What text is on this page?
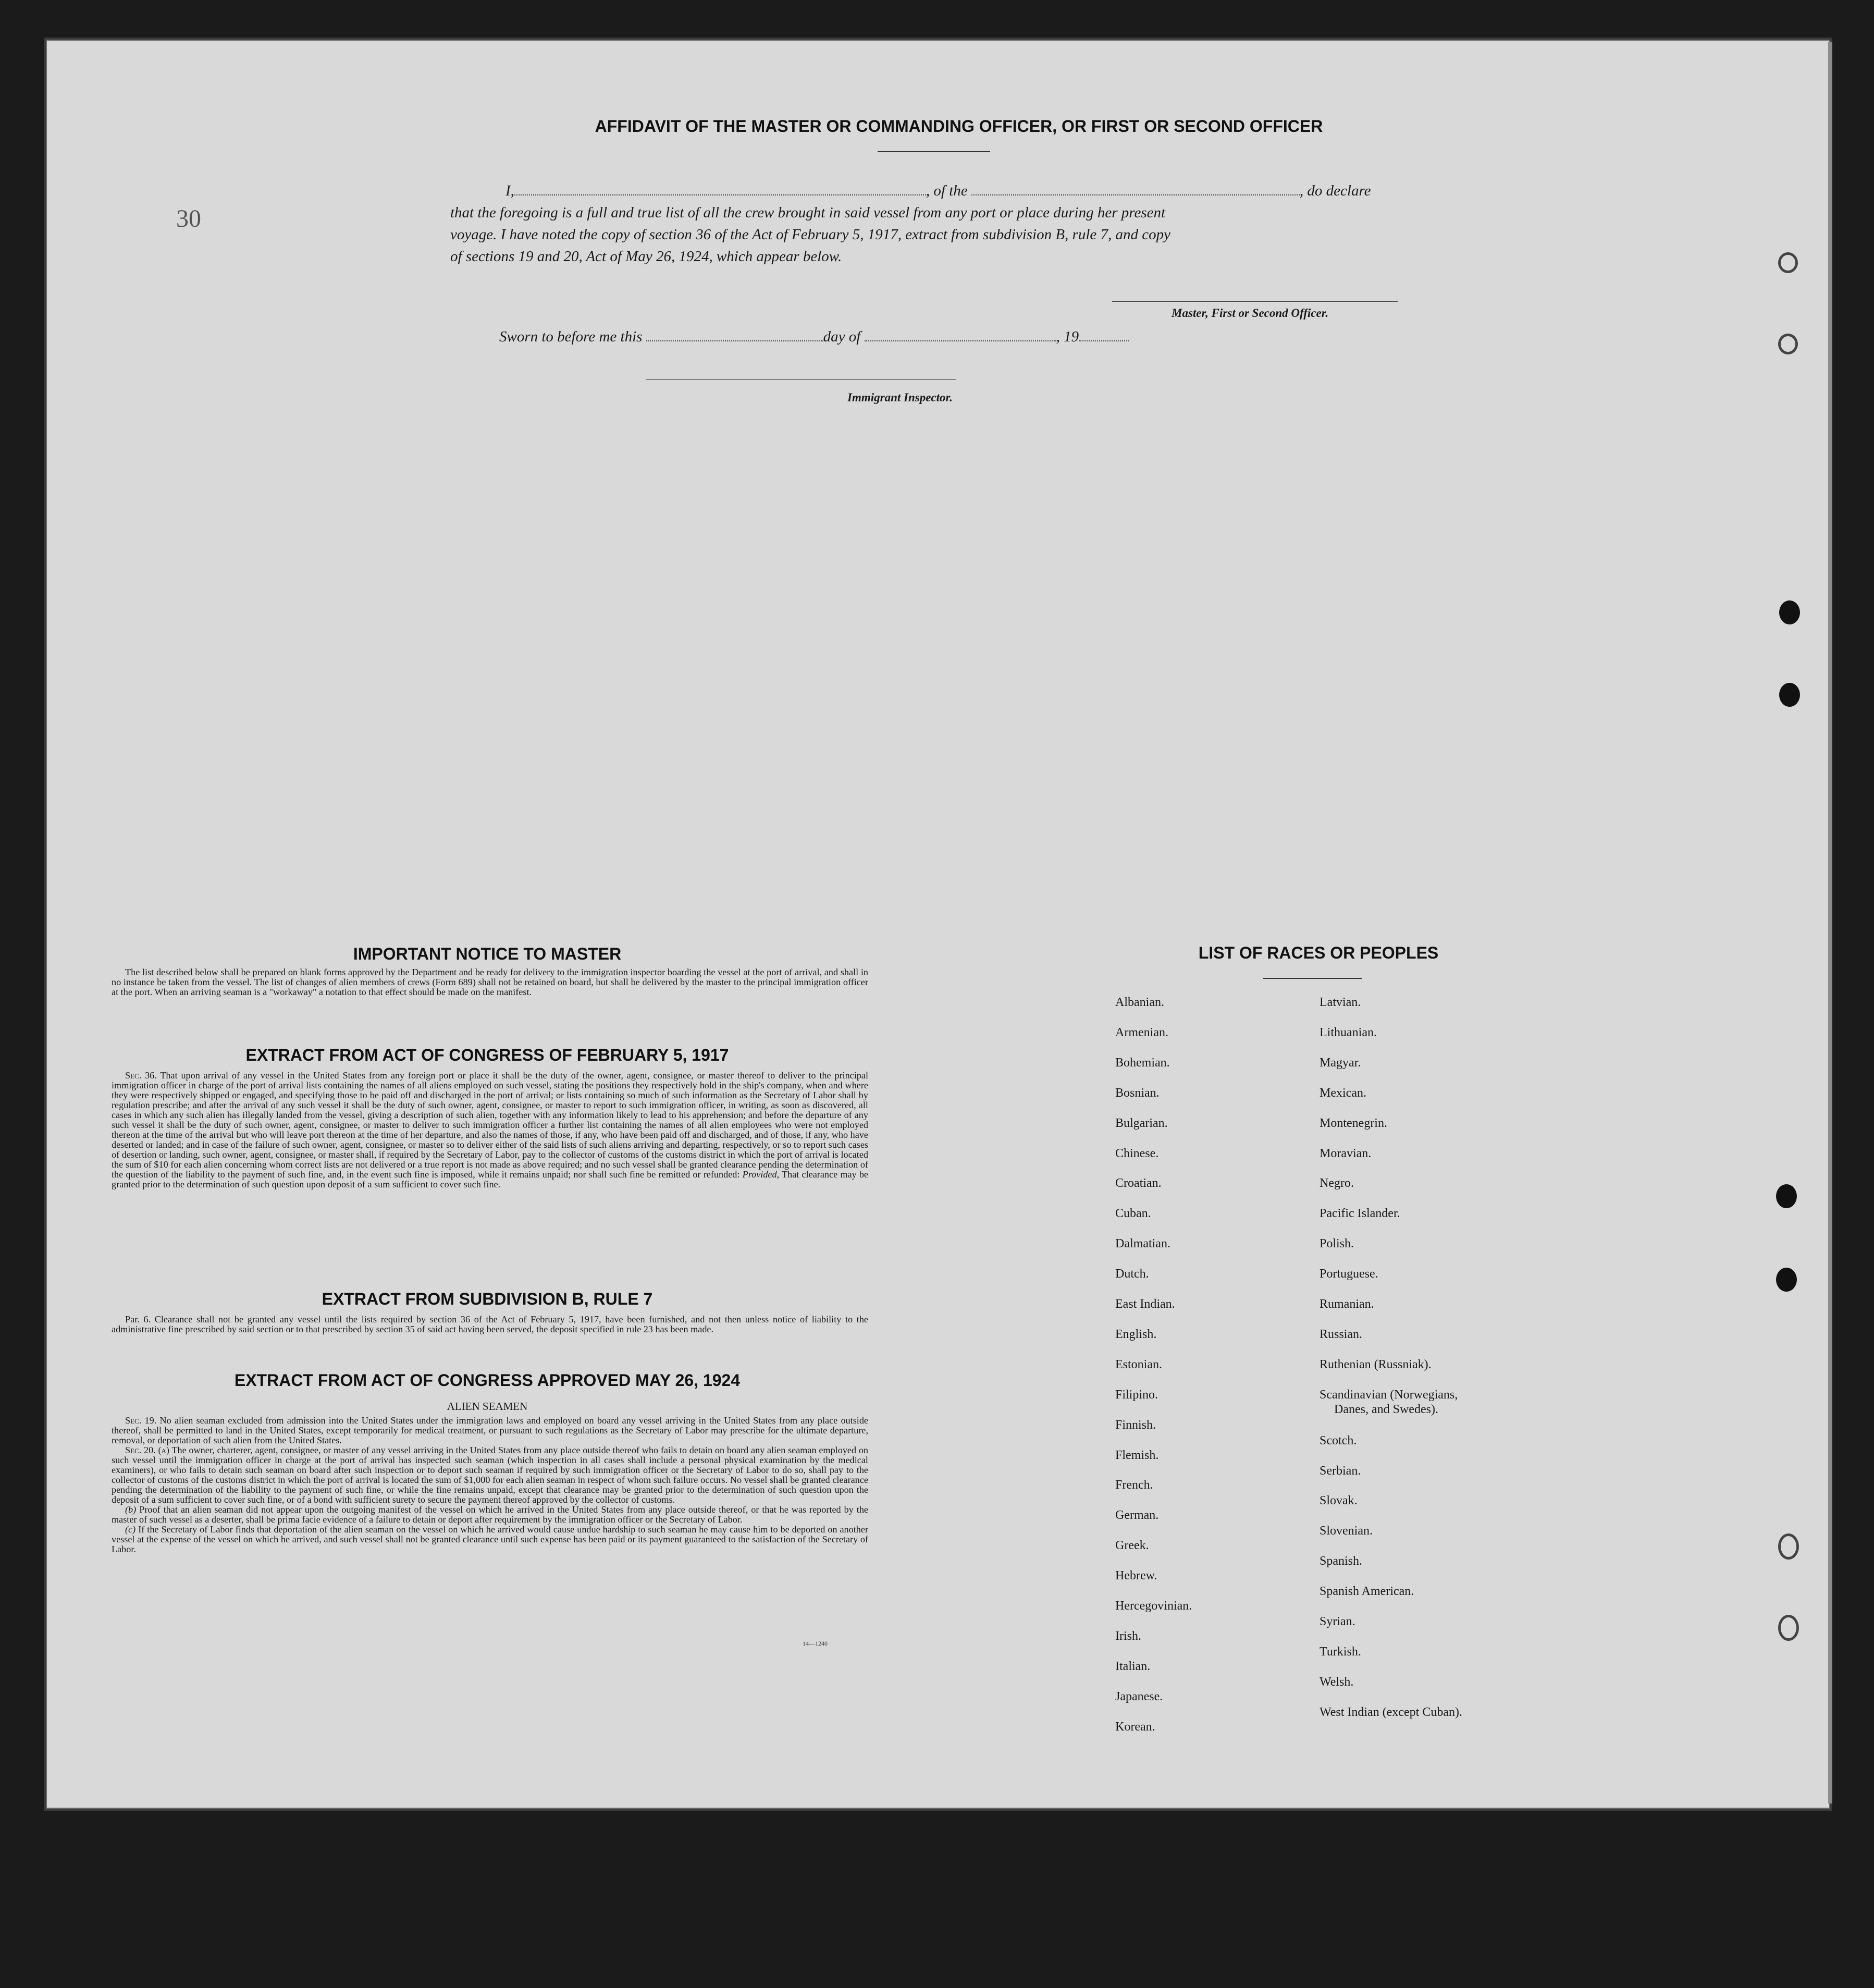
30
AFFIDAVIT OF THE MASTER OR COMMANDING OFFICER, OR FIRST OR SECOND OFFICER
I,	, of the	, do declare
that the foregoing is a full and true list of all the crew brought in said vessel from any port or place during her present
voyage. I have noted the copy of section 36 of the Act of February 5, 1917, extract from subdivision B, rule 7, and copy
of sections 19 and 20, Act of May 26, 1924, which appear below.
Master, First or Second Officer.
Sworn to before me this	day of	, 19
Immigrant Inspector.
IMPORTANT NOTICE TO MASTER

The list described below shall be prepared on blank forms approved by the Department and be ready for delivery to the immigration inspector boarding the vessel at the port of arrival, and shall in no instance be taken from the vessel. The list of changes of alien members of crews (Form 689) shall not be retained on board, but shall be delivered by the master to the principal immigration officer at the port. When an arriving seaman is a "workaway" a notation to that effect should be made on the manifest.

EXTRACT FROM ACT OF CONGRESS OF FEBRUARY 5, 1917

Sec. 36. That upon arrival of any vessel in the United States from any foreign port or place it shall be the duty of the owner, agent, consignee, or master thereof to deliver to the principal immigration officer in charge of the port of arrival lists containing the names of all aliens employed on such vessel, stating the positions they respectively hold in the ship's company, when and where they were respectively shipped or engaged, and specifying those to be paid off and discharged in the port of arrival; or lists containing so much of such information as the Secretary of Labor shall by regulation prescribe; and after the arrival of any such vessel it shall be the duty of such owner, agent, consignee, or master to report to such immigration officer, in writing, as soon as discovered, all cases in which any such alien has illegally landed from the vessel, giving a description of such alien, together with any information likely to lead to his apprehension; and before the departure of any such vessel it shall be the duty of such owner, agent, consignee, or master to deliver to such immigration officer a further list containing the names of all alien employees who were not employed thereon at the time of the arrival but who will leave port thereon at the time of her departure, and also the names of those, if any, who have been paid off and discharged, and of those, if any, who have deserted or landed; and in case of the failure of such owner, agent, consignee, or master so to deliver either of the said lists of such aliens arriving and departing, respectively, or so to report such cases of desertion or landing, such owner, agent, consignee, or master shall, if required by the Secretary of Labor, pay to the collector of customs of the customs district in which the port of arrival is located the sum of $10 for each alien concerning whom correct lists are not delivered or a true report is not made as above required; and no such vessel shall be granted clearance pending the determination of the question of the liability to the payment of such fine, and, in the event such fine is imposed, while it remains unpaid; nor shall such fine be remitted or refunded: Provided, That clearance may be granted prior to the determination of such question upon deposit of a sum sufficient to cover such fine.

EXTRACT FROM SUBDIVISION B, RULE 7

Par. 6. Clearance shall not be granted any vessel until the lists required by section 36 of the Act of February 5, 1917, have been furnished, and not then unless notice of liability to the administrative fine prescribed by said section or to that prescribed by section 35 of said act having been served, the deposit specified in rule 23 has been made.

EXTRACT FROM ACT OF CONGRESS APPROVED MAY 26, 1924
ALIEN SEAMEN

Sec. 19. No alien seaman excluded from admission into the United States under the immigration laws and employed on board any vessel arriving in the United States from any place outside thereof, shall be permitted to land in the United States, except temporarily for medical treatment, or pursuant to such regulations as the Secretary of Labor may prescribe for the ultimate departure, removal, or deportation of such alien from the United States.

Sec. 20. (a) The owner, charterer, agent, consignee, or master of any vessel arriving in the United States from any place outside thereof who fails to detain on board any alien seaman employed on such vessel until the immigration officer in charge at the port of arrival has inspected such seaman (which inspection in all cases shall include a personal physical examination by the medical examiners), or who fails to detain such seaman on board after such inspection or to deport such seaman if required by such immigration officer or the Secretary of Labor to do so, shall pay to the collector of customs of the customs district in which the port of arrival is located the sum of $1,000 for each alien seaman in respect of whom such failure occurs. No vessel shall be granted clearance pending the determination of the liability to the payment of such fine, or while the fine remains unpaid, except that clearance may be granted prior to the determination of such question upon the deposit of a sum sufficient to cover such fine, or of a bond with sufficient surety to secure the payment thereof approved by the collector of customs.

(b) Proof that an alien seaman did not appear upon the outgoing manifest of the vessel on which he arrived in the United States from any place outside thereof, or that he was reported by the master of such vessel as a deserter, shall be prima facie evidence of a failure to detain or deport after requirement by the immigration officer or the Secretary of Labor.

(c) If the Secretary of Labor finds that deportation of the alien seaman on the vessel on which he arrived would cause undue hardship to such seaman he may cause him to be deported on another vessel at the expense of the vessel on which he arrived, and such vessel shall not be granted clearance until such expense has been paid or its payment guaranteed to the satisfaction of the Secretary of Labor.

14—1240
LIST OF RACES OR PEOPLES
Albanian.
Armenian.
Bohemian.
Bosnian.
Bulgarian.
Chinese.
Croatian.
Cuban.
Dalmatian.
Dutch.
East Indian.
English.
Estonian.
Filipino.
Finnish.
Flemish.
French.
German.
Greek.
Hebrew.
Hercegovinian.
Irish.
Italian.
Japanese.
Korean.
Latvian.
Lithuanian.
Magyar.
Mexican.
Montenegrin.
Moravian.
Negro.
Pacific Islander.
Polish.
Portuguese.
Rumanian.
Russian.
Ruthenian (Russniak).
Scandinavian (Norwegians,
Danes, and Swedes).
Scotch.
Serbian.
Slovak.
Slovenian.
Spanish.
Spanish American.
Syrian.
Turkish.
Welsh.
West Indian (except Cuban).
